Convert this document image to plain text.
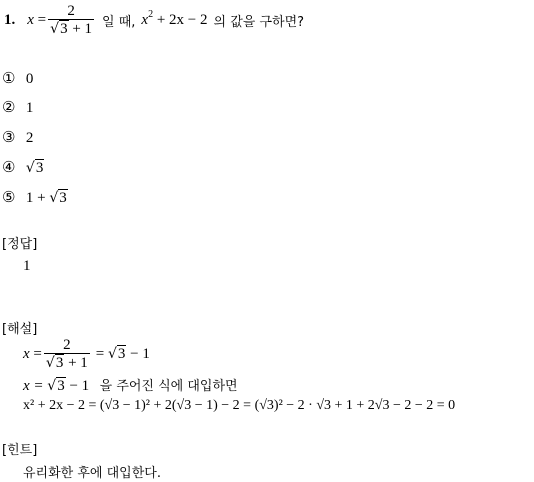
1. $x = \frac{2}{√3 + 1}$ 일 때, $x^2 + 2x - 2$ 의 값을 구하면?
① 0
② 1
③ 2
④ √3
⑤ 1 + √3
[정답]
1
[해설]
$x = \frac{2}{√3 + 1} = √3 - 1$
x = √3 − 1 을 주어진 식에 대입하면
x² + 2x − 2 = (√3 − 1)² + 2(√3 − 1) − 2 = (√3)² − 2 · √3 + 1 + 2√3 − 2 − 2 = 0
[힌트]
유리화한 후에 대입한다.
